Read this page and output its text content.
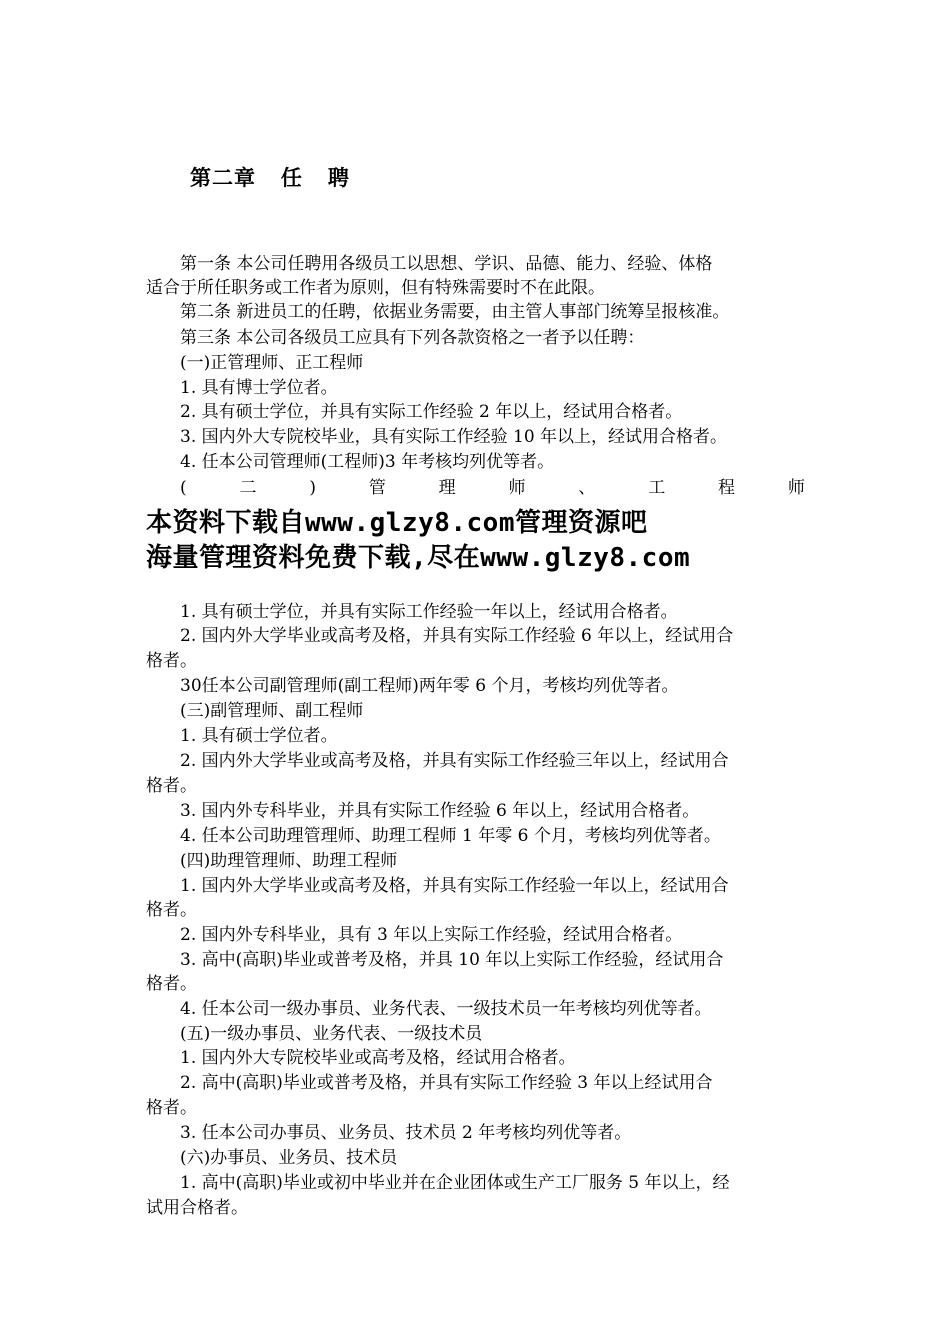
第二章   任   聘
第一条 本公司任聘用各级员工以思想、学识、品德、能力、经验、体格
适合于所任职务或工作者为原则，但有特殊需要时不在此限。
第二条 新进员工的任聘，依据业务需要，由主管人事部门统筹呈报核准。
第三条 本公司各级员工应具有下列各款资格之一者予以任聘：
(一)正管理师、正工程师
1. 具有博士学位者。
2. 具有硕士学位，并具有实际工作经验 2 年以上，经试用合格者。
3. 国内外大专院校毕业，具有实际工作经验 10 年以上，经试用合格者。
4. 任本公司管理师(工程师)3 年考核均列优等者。
(	二	)	管	理	师	、	工	程	师
本资料下载自www.glzy8.com管理资源吧
海量管理资料免费下载,尽在www.glzy8.com
1. 具有硕士学位，并具有实际工作经验一年以上，经试用合格者。
2. 国内外大学毕业或高考及格，并具有实际工作经验 6 年以上，经试用合
格者。
30任本公司副管理师(副工程师)两年零 6 个月，考核均列优等者。
(三)副管理师、副工程师
1. 具有硕士学位者。
2. 国内外大学毕业或高考及格，并具有实际工作经验三年以上，经试用合
格者。
3. 国内外专科毕业，并具有实际工作经验 6 年以上，经试用合格者。
4. 任本公司助理管理师、助理工程师 1 年零 6 个月，考核均列优等者。
(四)助理管理师、助理工程师
1. 国内外大学毕业或高考及格，并具有实际工作经验一年以上，经试用合
格者。
2. 国内外专科毕业，具有 3 年以上实际工作经验，经试用合格者。
3. 高中(高职)毕业或普考及格，并具 10 年以上实际工作经验，经试用合
格者。
4. 任本公司一级办事员、业务代表、一级技术员一年考核均列优等者。
(五)一级办事员、业务代表、一级技术员
1. 国内外大专院校毕业或高考及格，经试用合格者。
2. 高中(高职)毕业或普考及格，并具有实际工作经验 3 年以上经试用合
格者。
3. 任本公司办事员、业务员、技术员 2 年考核均列优等者。
(六)办事员、业务员、技术员
1. 高中(高职)毕业或初中毕业并在企业团体或生产工厂服务 5 年以上，经
试用合格者。
